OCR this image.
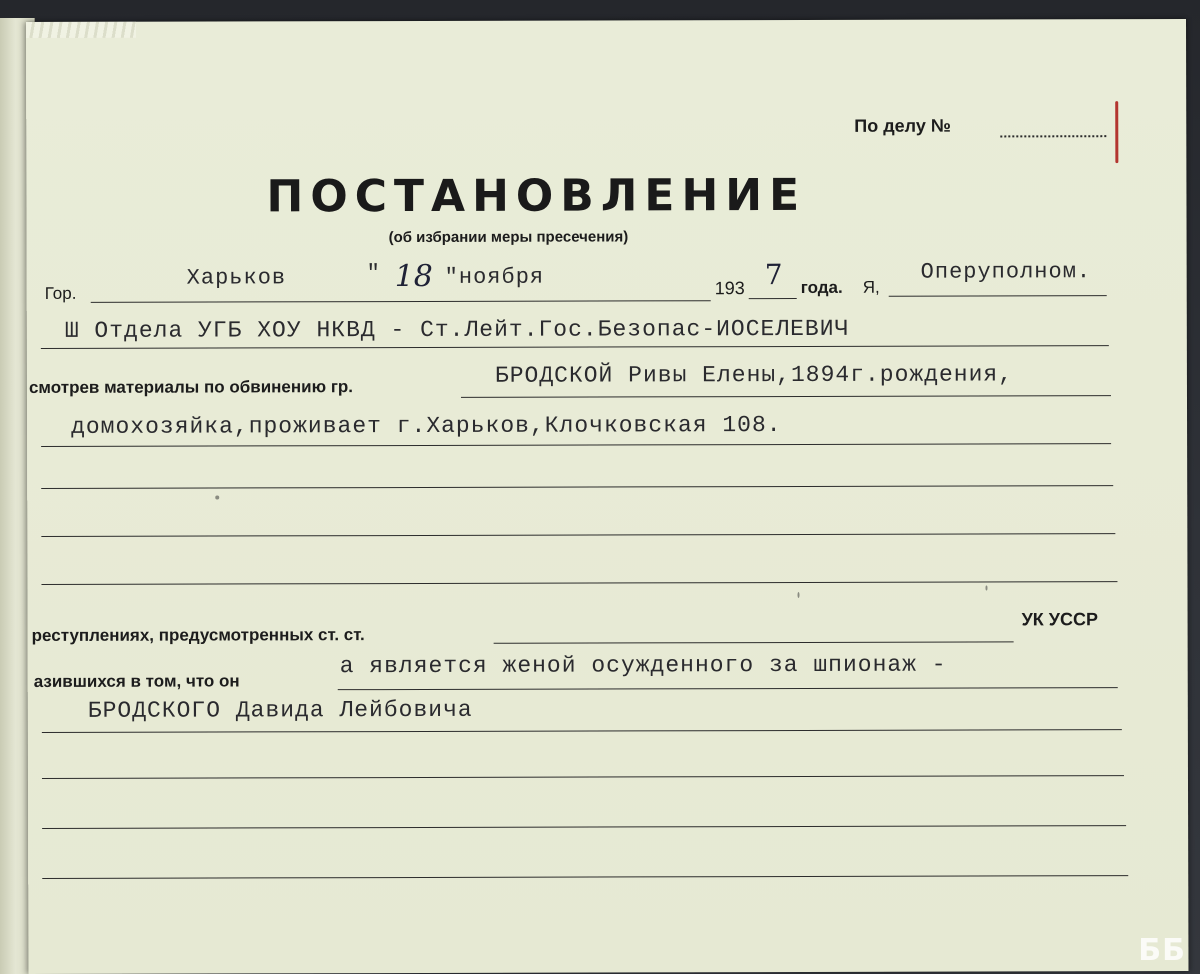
По делу №
ПОСТАНОВЛЕНИЕ
(об избрании меры пресечения)
Гор.
Харьков	" 18 "ноября	193 7 года. Я,
Оперуполном.
Ш Отдела УГБ ХОУ НКВД - Ст.Лейт.Гос.Безопас-ИОСЕЛЕВИЧ
смотрев материалы по обвинению гр.	БРОДСКОЙ Ривы Елены,1894г.рождения,
домохозяйка,проживает г.Харьков,Клочковская 108.
реступлениях, предусмотренных ст. ст.
УК УССР
азившихся в том, что он
а является женой осужденного за шпионаж -
БРОДСКОГО Давида Лейбовича
ББ
